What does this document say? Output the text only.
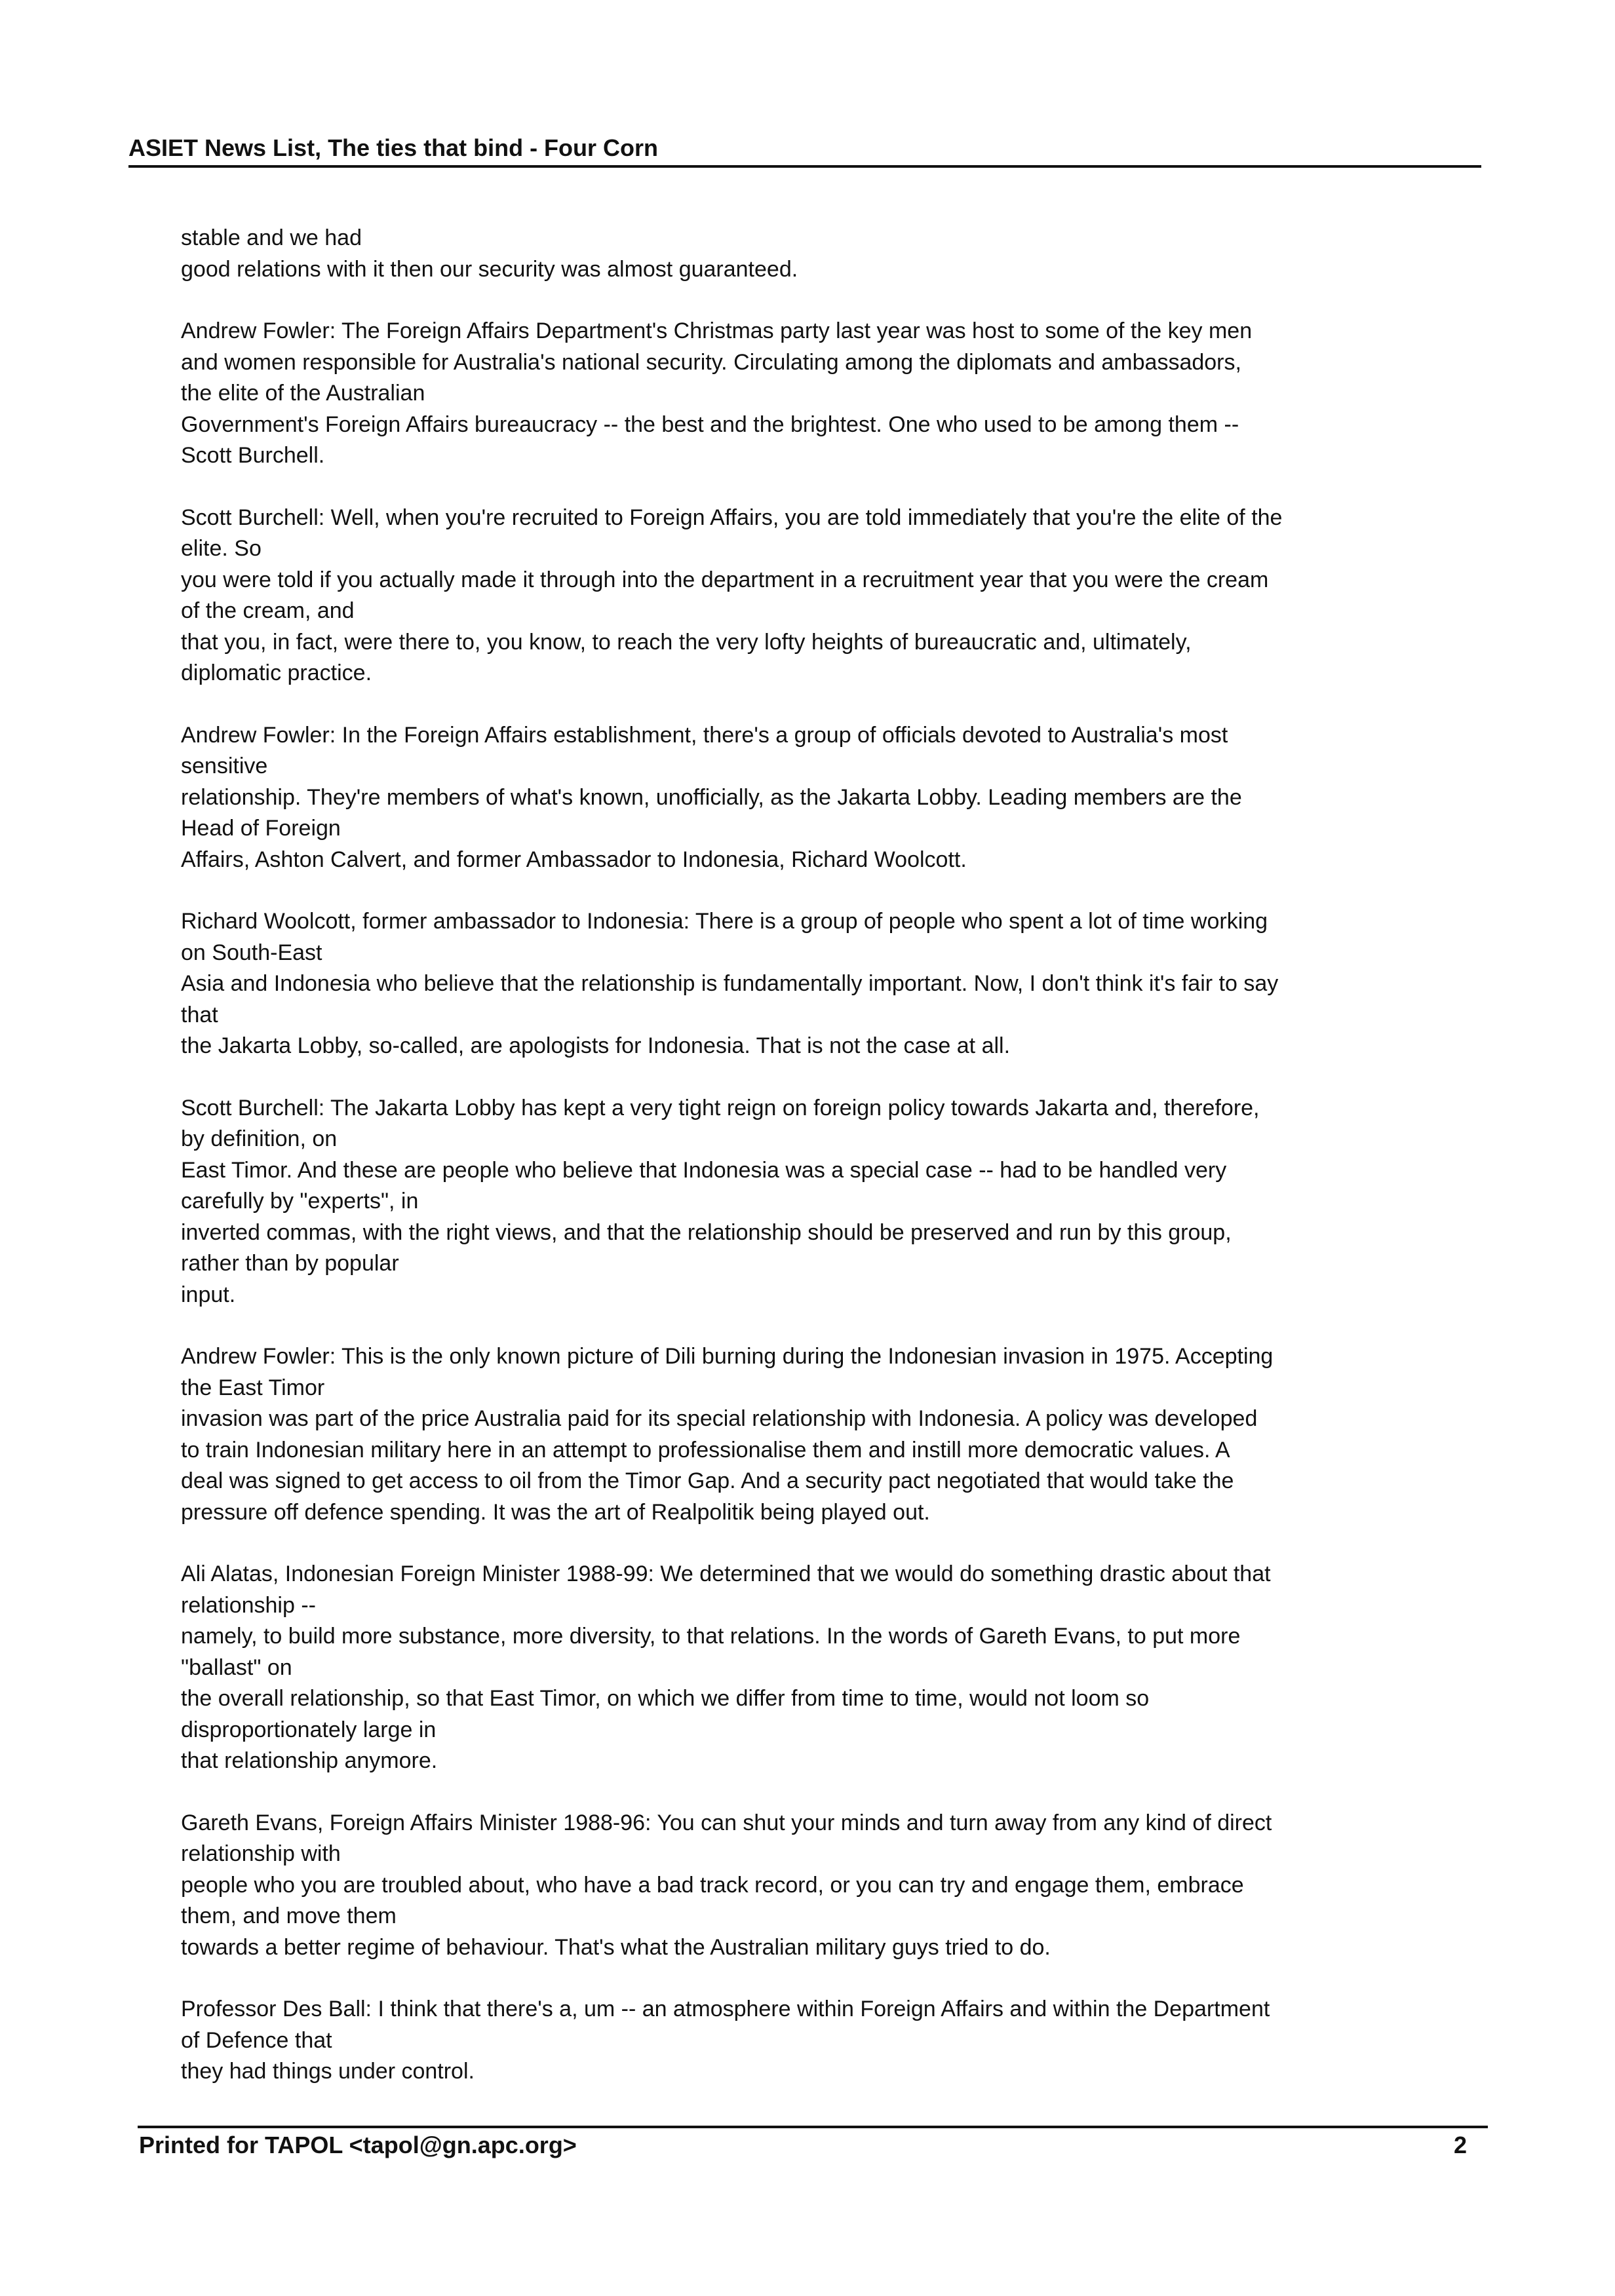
ASIET News List, The ties that bind - Four Corn

stable and we had
good relations with it then our security was almost guaranteed.

Andrew Fowler: The Foreign Affairs Department's Christmas party last year was host to some of the key men
and women responsible for Australia's national security. Circulating among the diplomats and ambassadors,
the elite of the Australian
Government's Foreign Affairs bureaucracy -- the best and the brightest. One who used to be among them --
Scott Burchell.

Scott Burchell: Well, when you're recruited to Foreign Affairs, you are told immediately that you're the elite of the
elite. So
you were told if you actually made it through into the department in a recruitment year that you were the cream
of the cream, and
that you, in fact, were there to, you know, to reach the very lofty heights of bureaucratic and, ultimately,
diplomatic practice.

Andrew Fowler: In the Foreign Affairs establishment, there's a group of officials devoted to Australia's most
sensitive
relationship. They're members of what's known, unofficially, as the Jakarta Lobby. Leading members are the
Head of Foreign
Affairs, Ashton Calvert, and former Ambassador to Indonesia, Richard Woolcott.

Richard Woolcott, former ambassador to Indonesia: There is a group of people who spent a lot of time working
on South-East
Asia and Indonesia who believe that the relationship is fundamentally important. Now, I don't think it's fair to say
that
the Jakarta Lobby, so-called, are apologists for Indonesia. That is not the case at all.

Scott Burchell: The Jakarta Lobby has kept a very tight reign on foreign policy towards Jakarta and, therefore,
by definition, on
East Timor. And these are people who believe that Indonesia was a special case -- had to be handled very
carefully by "experts", in
inverted commas, with the right views, and that the relationship should be preserved and run by this group,
rather than by popular
input.

Andrew Fowler: This is the only known picture of Dili burning during the Indonesian invasion in 1975. Accepting
the East Timor
invasion was part of the price Australia paid for its special relationship with Indonesia. A policy was developed
to train Indonesian military here in an attempt to professionalise them and instill more democratic values. A
deal was signed to get access to oil from the Timor Gap. And a security pact negotiated that would take the
pressure off defence spending. It was the art of Realpolitik being played out.

Ali Alatas, Indonesian Foreign Minister 1988-99: We determined that we would do something drastic about that
relationship --
namely, to build more substance, more diversity, to that relations. In the words of Gareth Evans, to put more
"ballast" on
the overall relationship, so that East Timor, on which we differ from time to time, would not loom so
disproportionately large in
that relationship anymore.

Gareth Evans, Foreign Affairs Minister 1988-96: You can shut your minds and turn away from any kind of direct
relationship with
people who you are troubled about, who have a bad track record, or you can try and engage them, embrace
them, and move them
towards a better regime of behaviour. That's what the Australian military guys tried to do.

Professor Des Ball: I think that there's a, um -- an atmosphere within Foreign Affairs and within the Department
of Defence that
they had things under control.

Printed for TAPOL <tapol@gn.apc.org>	2
